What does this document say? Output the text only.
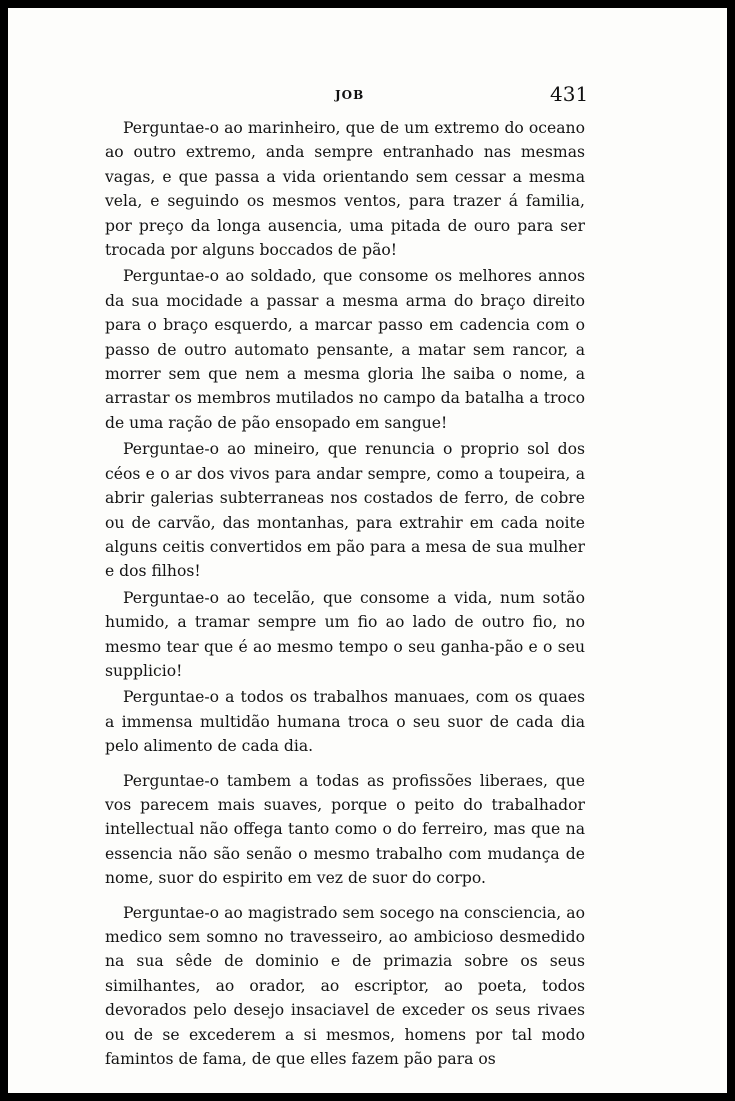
JOB	431

Perguntae-o ao marinheiro, que de um extremo do oceano ao outro extremo, anda sempre entranhado nas mesmas vagas, e que passa a vida orientando sem cessar a mesma vela, e seguindo os mesmos ventos, para trazer á familia, por preço da longa ausencia, uma pitada de ouro para ser trocada por alguns boccados de pão!

Perguntae-o ao soldado, que consome os melhores annos da sua mocidade a passar a mesma arma do braço direito para o braço esquerdo, a marcar passo em cadencia com o passo de outro automato pensante, a matar sem rancor, a morrer sem que nem a mesma gloria lhe saiba o nome, a arrastar os membros mutilados no campo da batalha a troco de uma ração de pão ensopado em sangue!

Perguntae-o ao mineiro, que renuncia o proprio sol dos céos e o ar dos vivos para andar sempre, como a toupeira, a abrir galerias subterraneas nos costados de ferro, de cobre ou de carvão, das montanhas, para extrahir em cada noite alguns ceitis convertidos em pão para a mesa de sua mulher e dos filhos!

Perguntae-o ao tecelão, que consome a vida, num sotão humido, a tramar sempre um fio ao lado de outro fio, no mesmo tear que é ao mesmo tempo o seu ganha-pão e o seu supplicio!

Perguntae-o a todos os trabalhos manuaes, com os quaes a immensa multidão humana troca o seu suor de cada dia pelo alimento de cada dia.

Perguntae-o tambem a todas as profissões liberaes, que vos parecem mais suaves, porque o peito do trabalhador intellectual não offega tanto como o do ferreiro, mas que na essencia não são senão o mesmo trabalho com mudança de nome, suor do espirito em vez de suor do corpo.

Perguntae-o ao magistrado sem socego na consciencia, ao medico sem somno no travesseiro, ao ambicioso desmedido na sua sêde de dominio e de primazia sobre os seus similhantes, ao orador, ao escriptor, ao poeta, todos devorados pelo desejo insaciavel de exceder os seus rivaes ou de se excederem a si mesmos, homens por tal modo famintos de fama, de que elles fazem pão para os
